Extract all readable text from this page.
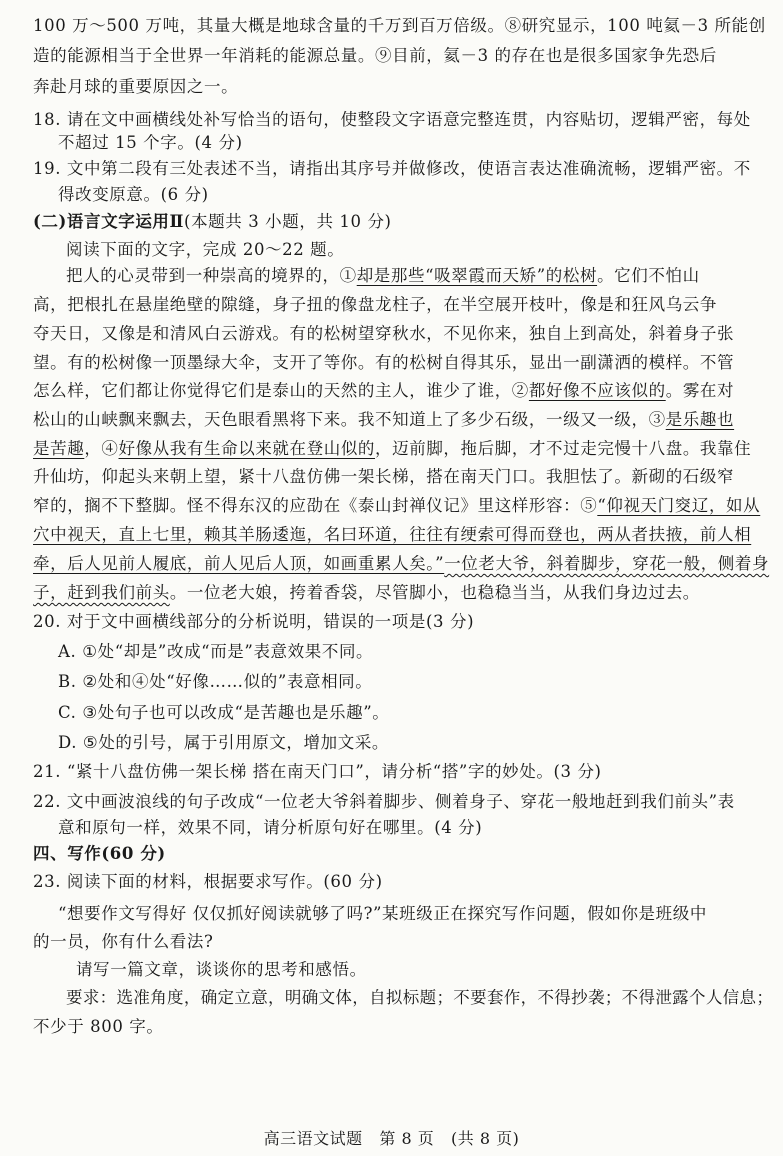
100 万～500 万吨，其量大概是地球含量的千万到百万倍级。⑧研究显示，100 吨氦－3 所能创
造的能源相当于全世界一年消耗的能源总量。⑨目前，氦－3 的存在也是很多国家争先恐后
奔赴月球的重要原因之一。
18. 请在文中画横线处补写恰当的语句，使整段文字语意完整连贯，内容贴切，逻辑严密，每处
不超过 15 个字。(4 分)
19. 文中第二段有三处表述不当，请指出其序号并做修改，使语言表达准确流畅，逻辑严密。不
得改变原意。(6 分)
(二)语言文字运用Ⅱ(本题共 3 小题，共 10 分)
阅读下面的文字，完成 20～22 题。
把人的心灵带到一种崇高的境界的，①却是那些“吸翠霞而天矫”的松树。它们不怕山
高，把根扎在悬崖绝壁的隙缝，身子扭的像盘龙柱子，在半空展开枝叶，像是和狂风乌云争
夺天日，又像是和清风白云游戏。有的松树望穿秋水，不见你来，独自上到高处，斜着身子张
望。有的松树像一顶墨绿大伞，支开了等你。有的松树自得其乐，显出一副潇洒的模样。不管
怎么样，它们都让你觉得它们是泰山的天然的主人，谁少了谁，②都好像不应该似的。雾在对
松山的山峡飘来飘去，天色眼看黑将下来。我不知道上了多少石级，一级又一级，③是乐趣也
是苦趣，④好像从我有生命以来就在登山似的，迈前脚，拖后脚，才不过走完慢十八盘。我靠住
升仙坊，仰起头来朝上望，紧十八盘仿佛一架长梯，搭在南天门口。我胆怯了。新砌的石级窄
窄的，搁不下整脚。怪不得东汉的应劭在《泰山封禅仪记》里这样形容：⑤“仰视天门窔辽，如从
穴中视天，直上七里，赖其羊肠逶迤，名曰环道，往往有绠索可得而登也，两从者扶掖，前人相
牵，后人见前人履底，前人见后人顶，如画重累人矣。”一位老大爷，斜着脚步，穿花一般，侧着身
子，赶到我们前头。一位老大娘，挎着香袋，尽管脚小，也稳稳当当，从我们身边过去。
20. 对于文中画横线部分的分析说明，错误的一项是(3 分)
A. ①处“却是”改成“而是”表意效果不同。
B. ②处和④处“好像……似的”表意相同。
C. ③处句子也可以改成“是苦趣也是乐趣”。
D. ⑤处的引号，属于引用原文，增加文采。
21. “紧十八盘仿佛一架长梯 搭在南天门口”，请分析“搭”字的妙处。(3 分)
22. 文中画波浪线的句子改成“一位老大爷斜着脚步、侧着身子、穿花一般地赶到我们前头”表
意和原句一样，效果不同，请分析原句好在哪里。(4 分)
四、写作(60 分)
23. 阅读下面的材料，根据要求写作。(60 分)
“想要作文写得好 仅仅抓好阅读就够了吗?”某班级正在探究写作问题，假如你是班级中
的一员，你有什么看法?
请写一篇文章，谈谈你的思考和感悟。
要求：选准角度，确定立意，明确文体，自拟标题；不要套作，不得抄袭；不得泄露个人信息；
不少于 800 字。
高三语文试题 第 8 页 (共 8 页)
